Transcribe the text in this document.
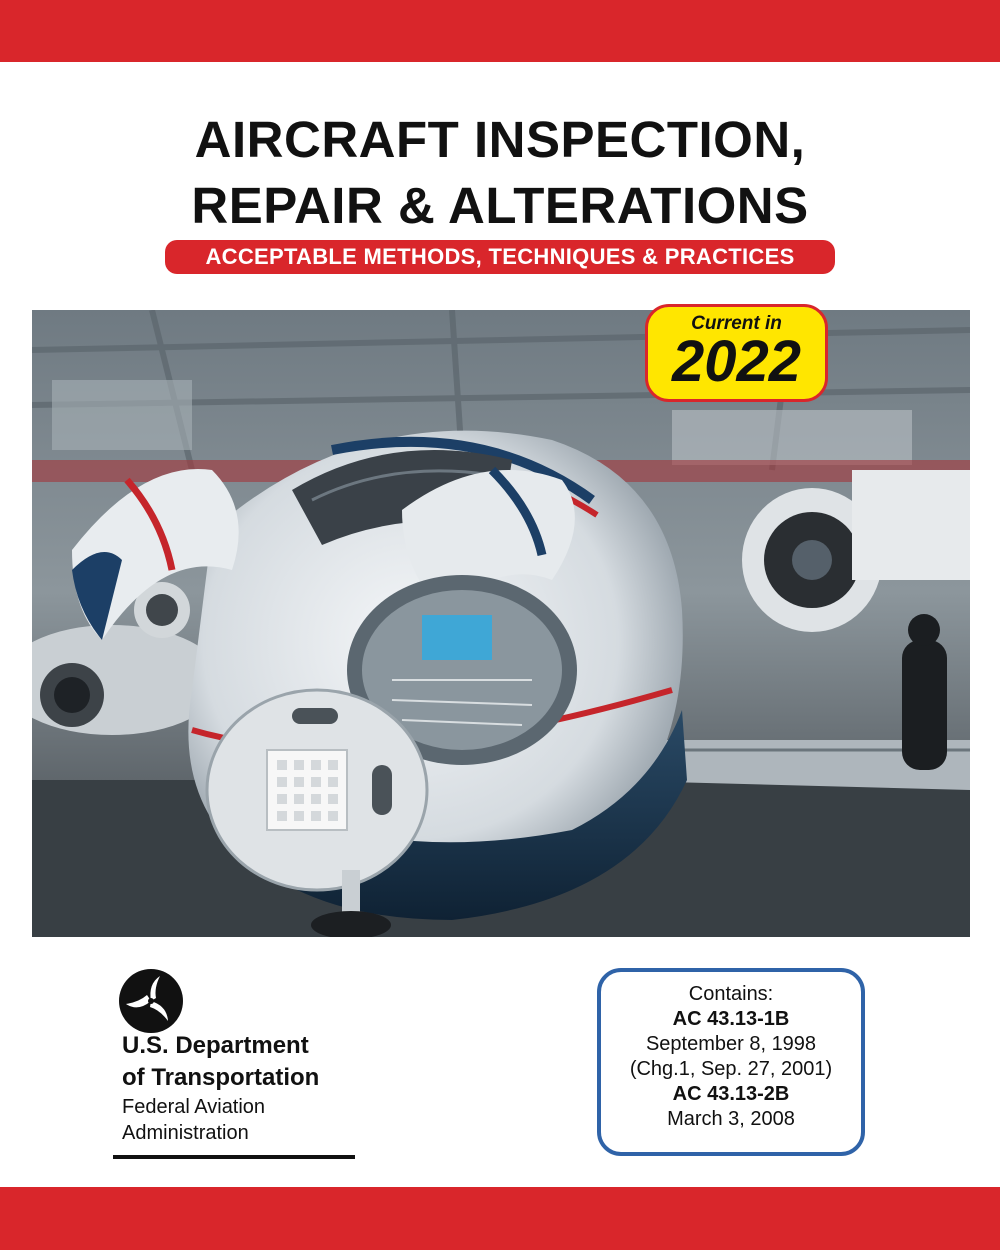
AIRCRAFT INSPECTION,
REPAIR & ALTERATIONS
ACCEPTABLE METHODS, TECHNIQUES & PRACTICES
Current in
2022
U.S. Department
of Transportation
Federal Aviation
Administration
Contains:
AC 43.13-1B
September 8, 1998
(Chg.1, Sep. 27, 2001)
AC 43.13-2B
March 3, 2008
